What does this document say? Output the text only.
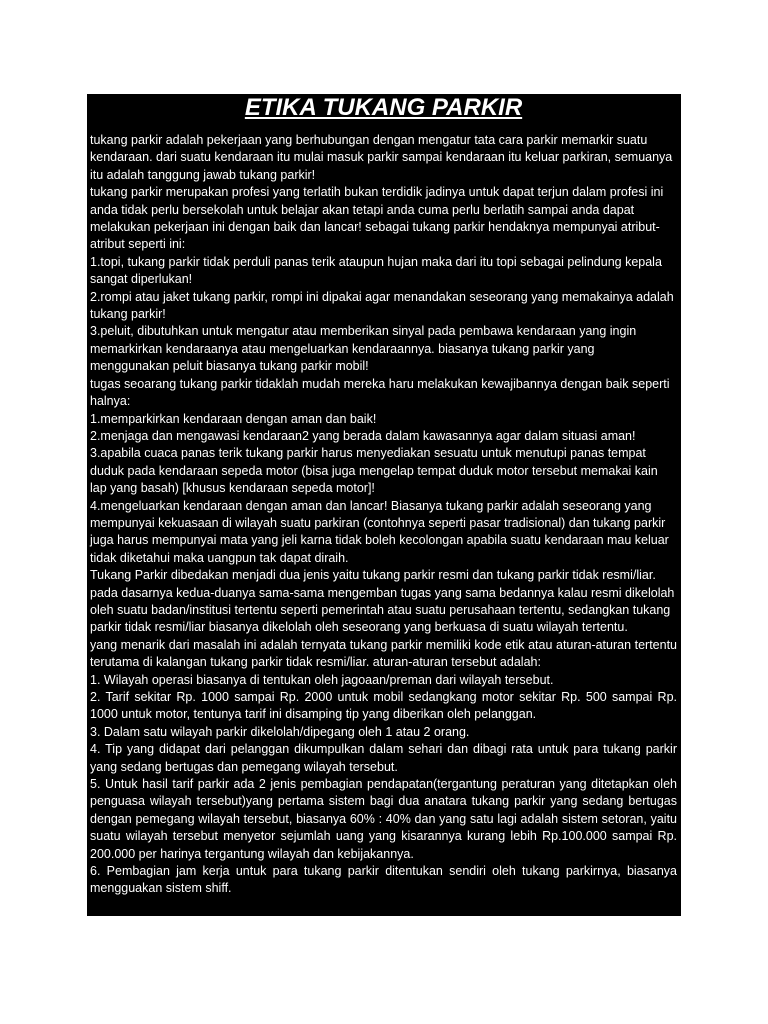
ETIKA TUKANG PARKIR

tukang parkir adalah pekerjaan yang berhubungan dengan mengatur tata cara parkir memarkir suatu kendaraan. dari suatu kendaraan itu mulai masuk parkir sampai kendaraan itu keluar parkiran, semuanya itu adalah tanggung jawab tukang parkir!

tukang parkir merupakan profesi yang terlatih bukan terdidik jadinya untuk dapat terjun dalam profesi ini anda tidak perlu bersekolah untuk belajar akan tetapi anda cuma perlu berlatih sampai anda dapat melakukan pekerjaan ini dengan baik dan lancar! sebagai tukang parkir hendaknya mempunyai atribut-atribut seperti ini:

1.topi, tukang parkir tidak perduli panas terik ataupun hujan maka dari itu topi sebagai pelindung kepala sangat diperlukan!

2.rompi atau jaket tukang parkir, rompi ini dipakai agar menandakan seseorang yang memakainya adalah tukang parkir!

3.peluit, dibutuhkan untuk mengatur atau memberikan sinyal pada pembawa kendaraan yang ingin memarkirkan kendaraanya atau mengeluarkan kendaraannya. biasanya tukang parkir yang menggunakan peluit biasanya tukang parkir mobil!

tugas seoarang tukang parkir tidaklah mudah mereka haru melakukan kewajibannya dengan baik seperti halnya:

1.memparkirkan kendaraan dengan aman dan baik!

2.menjaga dan mengawasi kendaraan2 yang berada dalam kawasannya agar dalam situasi aman!

3.apabila cuaca panas terik tukang parkir harus menyediakan sesuatu untuk menutupi panas tempat duduk pada kendaraan sepeda motor (bisa juga mengelap tempat duduk motor tersebut memakai kain lap yang basah) [khusus kendaraan sepeda motor]!

4.mengeluarkan kendaraan dengan aman dan lancar! Biasanya tukang parkir adalah seseorang yang mempunyai kekuasaan di wilayah suatu parkiran (contohnya seperti pasar tradisional) dan tukang parkir juga harus mempunyai mata yang jeli karna tidak boleh kecolongan apabila suatu kendaraan mau keluar tidak diketahui maka uangpun tak dapat diraih.

Tukang Parkir dibedakan menjadi dua jenis yaitu tukang parkir resmi dan tukang parkir tidak resmi/liar. pada dasarnya kedua-duanya sama-sama mengemban tugas yang sama bedannya kalau resmi dikelolah oleh suatu badan/institusi tertentu seperti pemerintah atau suatu perusahaan tertentu, sedangkan tukang parkir tidak resmi/liar biasanya dikelolah oleh seseorang yang berkuasa di suatu wilayah tertentu.

yang menarik dari masalah ini adalah ternyata tukang parkir memiliki kode etik atau aturan-aturan tertentu terutama di kalangan tukang parkir tidak resmi/liar. aturan-aturan tersebut adalah:

1. Wilayah operasi biasanya di tentukan oleh jagoaan/preman dari wilayah tersebut.

2. Tarif sekitar Rp. 1000 sampai Rp. 2000 untuk mobil sedangkang motor sekitar Rp. 500 sampai Rp. 1000 untuk motor, tentunya tarif ini disamping tip yang diberikan oleh pelanggan.

3. Dalam satu wilayah parkir dikelolah/dipegang oleh 1 atau 2 orang.

4. Tip yang didapat dari pelanggan dikumpulkan dalam sehari dan dibagi rata untuk para tukang parkir yang sedang bertugas dan pemegang wilayah tersebut.

5. Untuk hasil tarif parkir ada 2 jenis pembagian pendapatan(tergantung peraturan yang ditetapkan oleh penguasa wilayah tersebut)yang pertama sistem bagi dua anatara tukang parkir yang sedang bertugas dengan pemegang wilayah tersebut, biasanya 60% : 40% dan yang satu lagi adalah sistem setoran, yaitu suatu wilayah tersebut menyetor sejumlah uang yang kisarannya kurang lebih Rp.100.000 sampai Rp. 200.000 per harinya tergantung wilayah dan kebijakannya.

6. Pembagian jam kerja untuk para tukang parkir ditentukan sendiri oleh tukang parkirnya, biasanya mengguakan sistem shiff.
